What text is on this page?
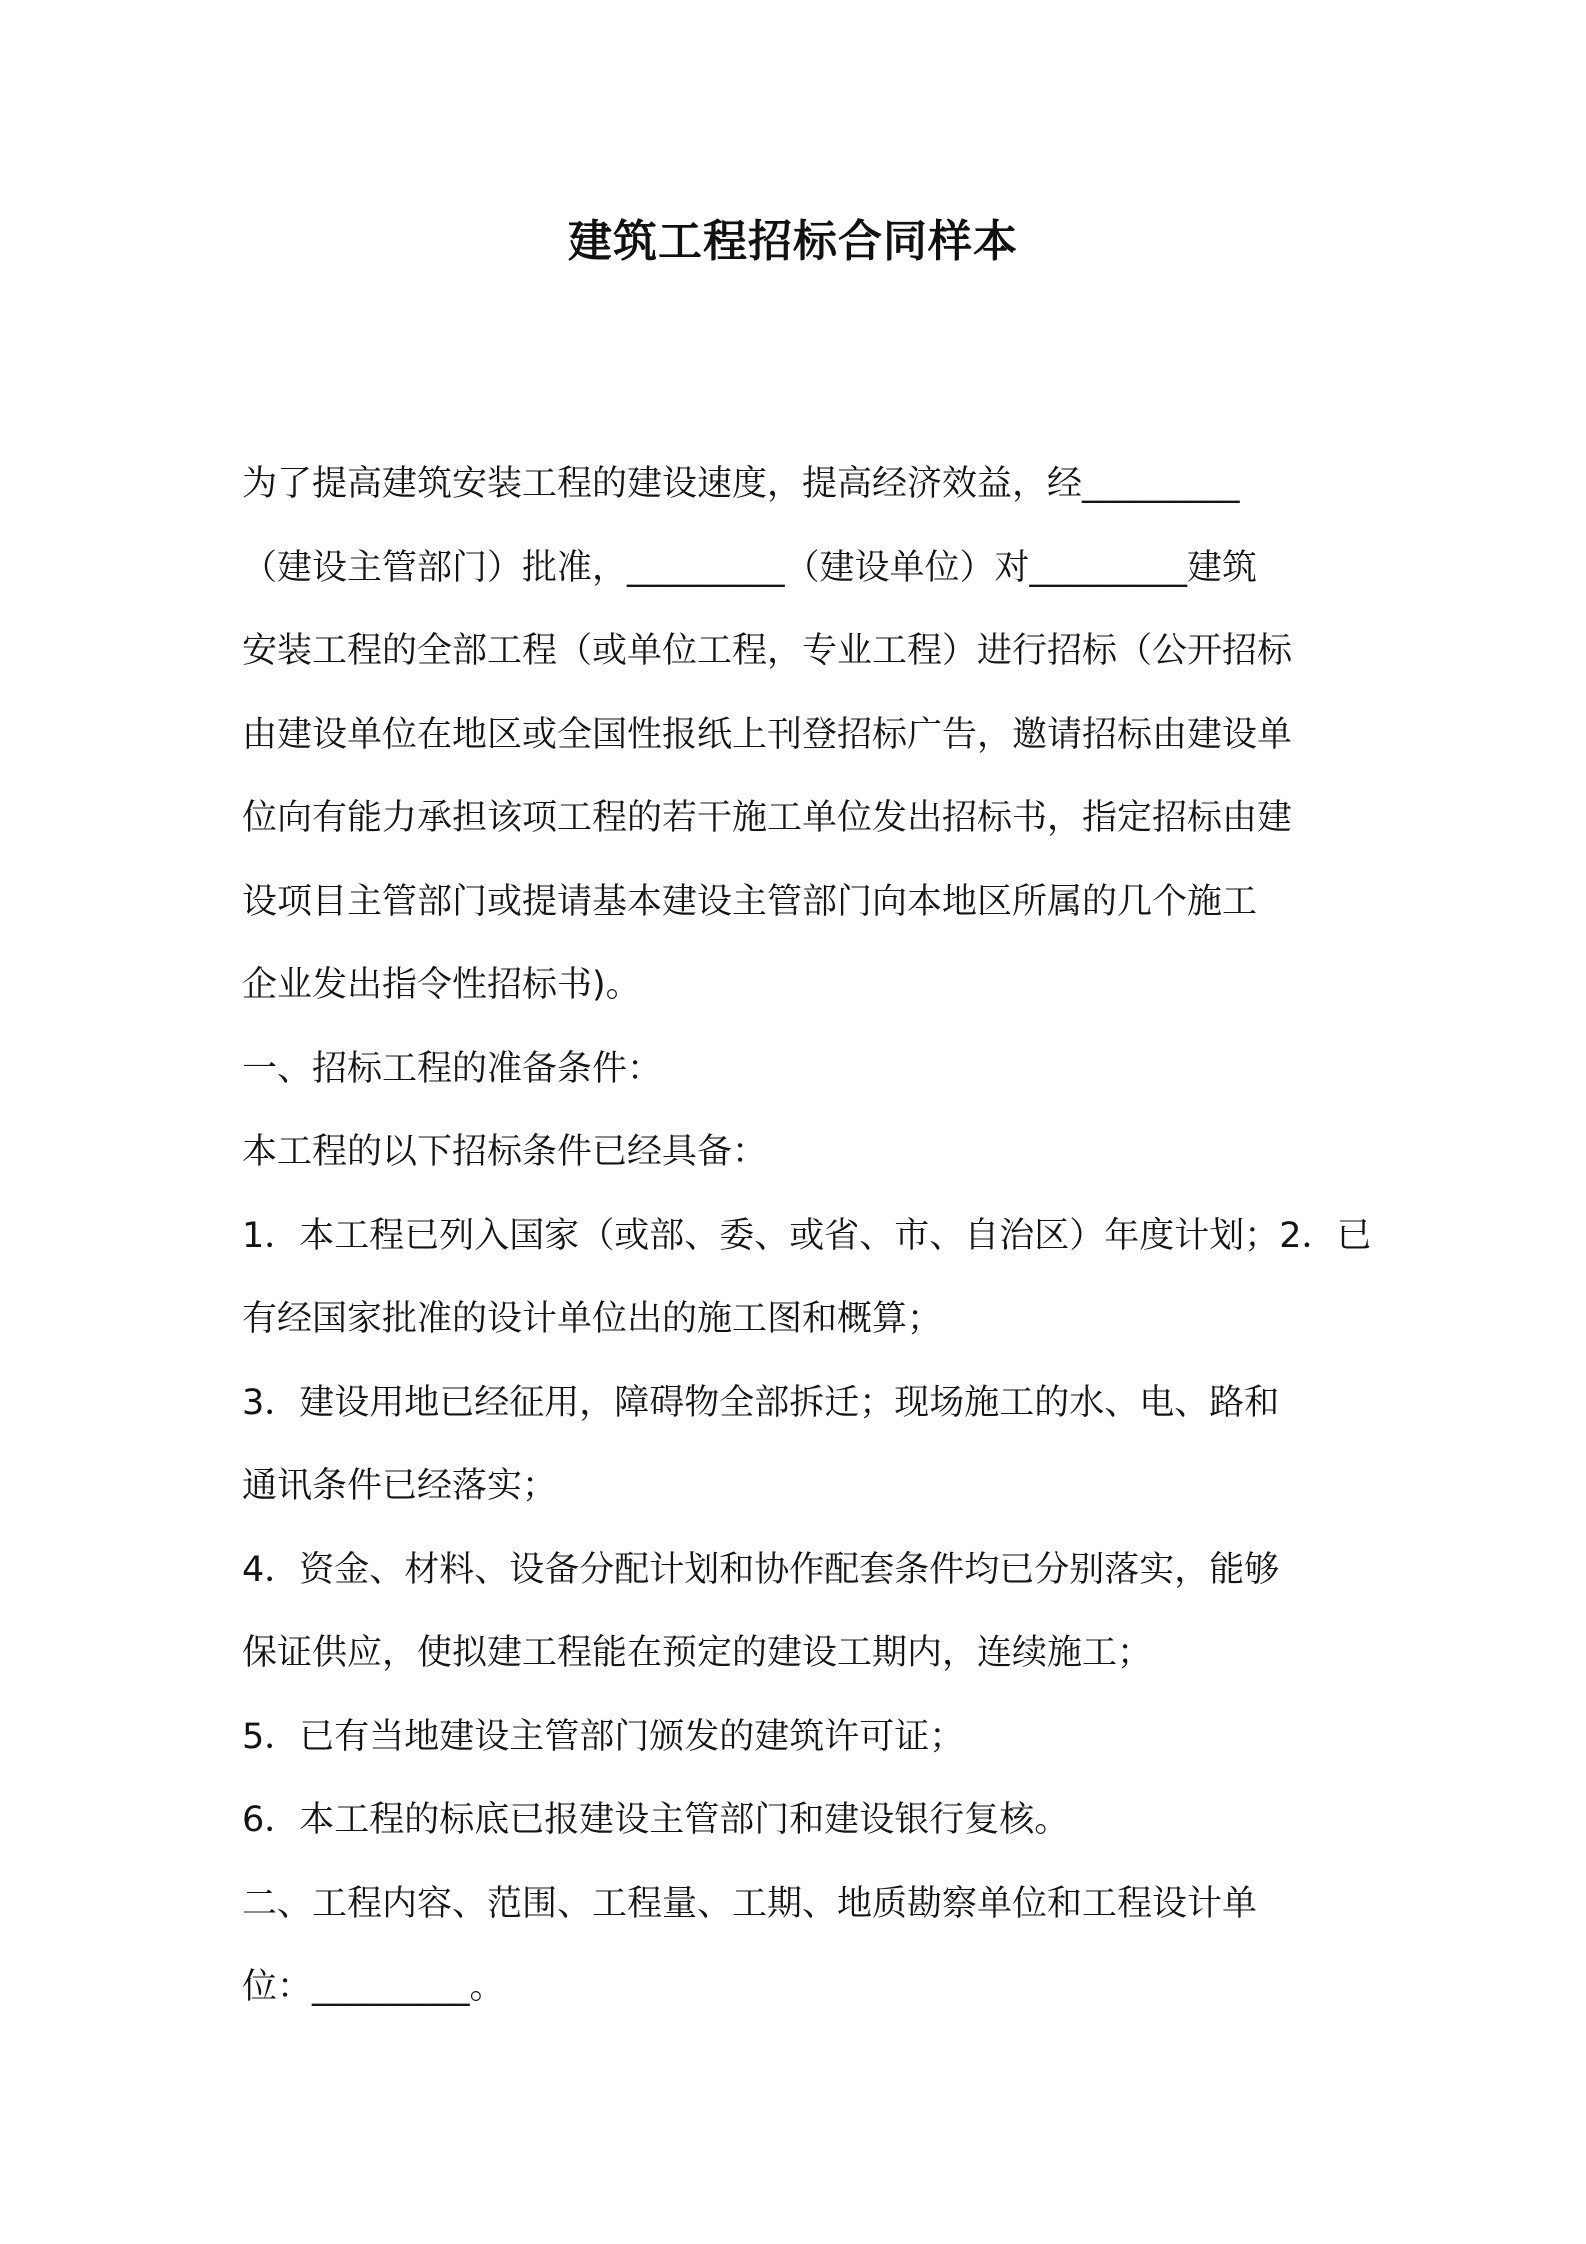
建筑工程招标合同样本
为了提高建筑安装工程的建设速度，提高经济效益，经_________
（建设主管部门）批准，_________（建设单位）对_________建筑
安装工程的全部工程（或单位工程，专业工程）进行招标（公开招标
由建设单位在地区或全国性报纸上刊登招标广告，邀请招标由建设单
位向有能力承担该项工程的若干施工单位发出招标书，指定招标由建
设项目主管部门或提请基本建设主管部门向本地区所属的几个施工
企业发出指令性招标书)。
一、招标工程的准备条件：
本工程的以下招标条件已经具备：
1．本工程已列入国家（或部、委、或省、市、自治区）年度计划；2．已
有经国家批准的设计单位出的施工图和概算；
3．建设用地已经征用，障碍物全部拆迁；现场施工的水、电、路和
通讯条件已经落实；
4．资金、材料、设备分配计划和协作配套条件均已分别落实，能够
保证供应，使拟建工程能在预定的建设工期内，连续施工；
5．已有当地建设主管部门颁发的建筑许可证；
6．本工程的标底已报建设主管部门和建设银行复核。
二、工程内容、范围、工程量、工期、地质勘察单位和工程设计单
位：_________。
